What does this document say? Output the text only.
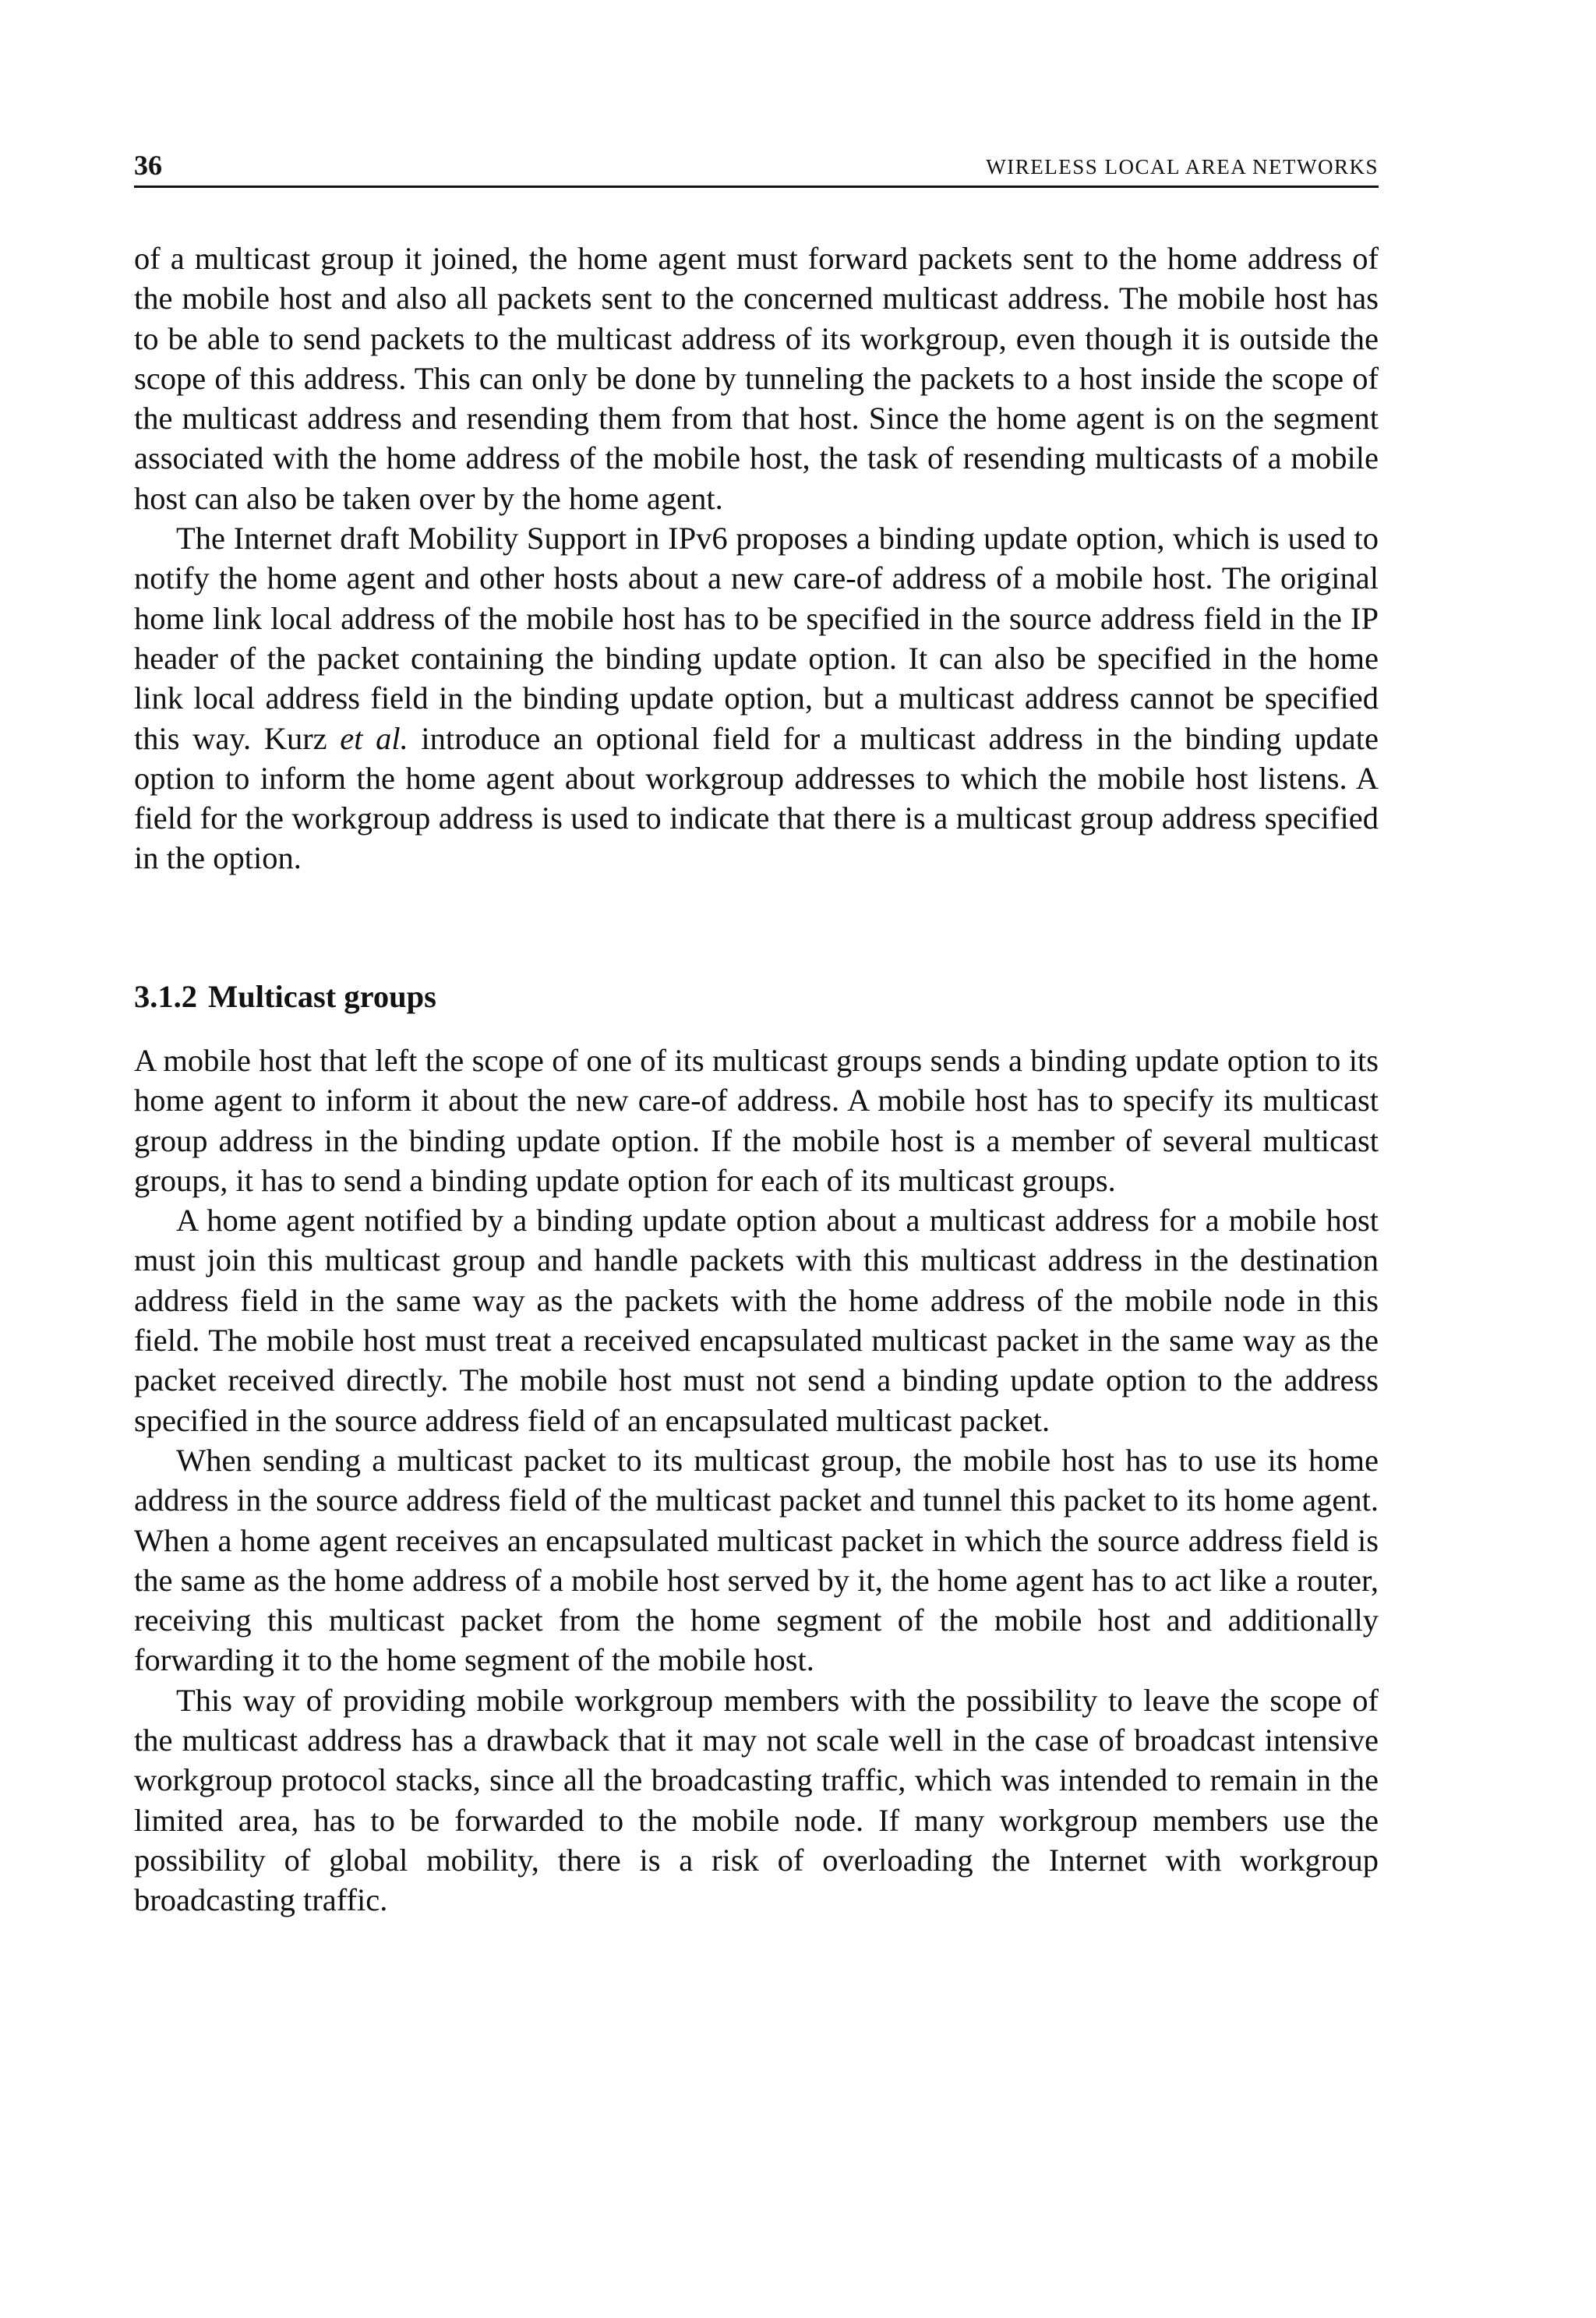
36	WIRELESS LOCAL AREA NETWORKS

of a multicast group it joined, the home agent must forward packets sent to the home address of the mobile host and also all packets sent to the concerned multicast address. The mobile host has to be able to send packets to the multicast address of its workgroup, even though it is outside the scope of this address. This can only be done by tunneling the packets to a host inside the scope of the multicast address and resending them from that host. Since the home agent is on the segment associated with the home address of the mobile host, the task of resending multicasts of a mobile host can also be taken over by the home agent.

The Internet draft Mobility Support in IPv6 proposes a binding update option, which is used to notify the home agent and other hosts about a new care-of address of a mobile host. The original home link local address of the mobile host has to be specified in the source address field in the IP header of the packet containing the binding update option. It can also be specified in the home link local address field in the binding update option, but a multicast address cannot be specified this way. Kurz et al. introduce an optional field for a multicast address in the binding update option to inform the home agent about workgroup addresses to which the mobile host listens. A field for the workgroup address is used to indicate that there is a multicast group address specified in the option.

3.1.2 Multicast groups

A mobile host that left the scope of one of its multicast groups sends a binding update option to its home agent to inform it about the new care-of address. A mobile host has to specify its multicast group address in the binding update option. If the mobile host is a member of several multicast groups, it has to send a binding update option for each of its multicast groups.

A home agent notified by a binding update option about a multicast address for a mobile host must join this multicast group and handle packets with this multicast address in the destination address field in the same way as the packets with the home address of the mobile node in this field. The mobile host must treat a received encapsulated multicast packet in the same way as the packet received directly. The mobile host must not send a binding update option to the address specified in the source address field of an encapsulated multicast packet.

When sending a multicast packet to its multicast group, the mobile host has to use its home address in the source address field of the multicast packet and tunnel this packet to its home agent. When a home agent receives an encapsulated multicast packet in which the source address field is the same as the home address of a mobile host served by it, the home agent has to act like a router, receiving this multicast packet from the home segment of the mobile host and additionally forwarding it to the home segment of the mobile host.

This way of providing mobile workgroup members with the possibility to leave the scope of the multicast address has a drawback that it may not scale well in the case of broadcast intensive workgroup protocol stacks, since all the broadcasting traffic, which was intended to remain in the limited area, has to be forwarded to the mobile node. If many workgroup members use the possibility of global mobility, there is a risk of overloading the Internet with workgroup broadcasting traffic.
